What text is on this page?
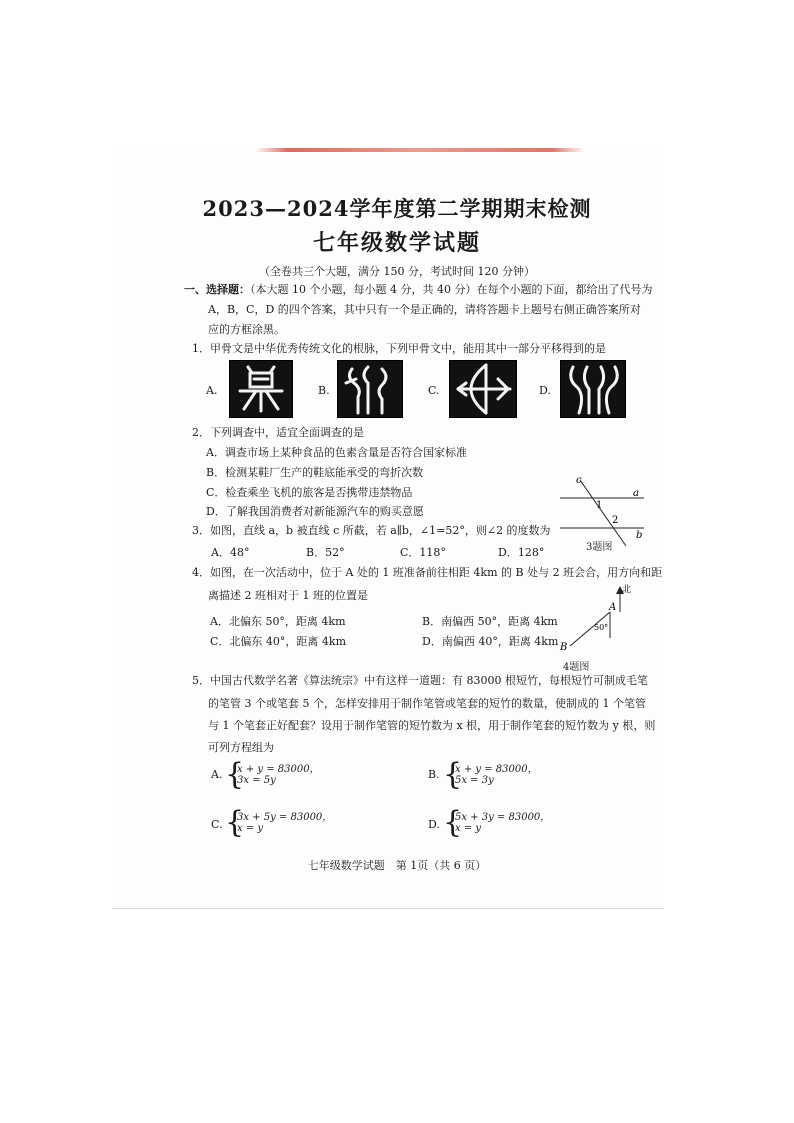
2023—2024学年度第二学期期末检测
七年级数学试题
（全卷共三个大题，满分 150 分，考试时间 120 分钟）
一、选择题：（本大题 10 个小题，每小题 4 分，共 40 分）在每个小题的下面，都给出了代号为
A，B，C，D 的四个答案，其中只有一个是正确的，请将答题卡上题号右侧正确答案所对
应的方框涂黑。
1．甲骨文是中华优秀传统文化的根脉，下列甲骨文中，能用其中一部分平移得到的是
A.	B.	C.	D.
2．下列调查中，适宜全面调查的是
A．调查市场上某种食品的色素含量是否符合国家标准
B．检测某鞋厂生产的鞋底能承受的弯折次数
C．检查乘坐飞机的旅客是否携带违禁物品
D．了解我国消费者对新能源汽车的购买意愿
c
a
b
1
2
3题图
3．如图，直线 a，b 被直线 c 所截，若 a∥b，∠1=52°，则∠2 的度数为
A．48°	B．52°	C．118°	D．128°
4．如图，在一次活动中，位于 A 处的 1 班准备前往相距 4km 的 B 处与 2 班会合，用方向和距
离描述 2 班相对于 1 班的位置是
A．北偏东 50°，距离 4km	B．南偏西 50°，距离 4km
C．北偏东 40°，距离 4km	D．南偏西 40°，距离 4km
北
A
B
50°
4题图
5．中国古代数学名著《算法统宗》中有这样一道题：有 83000 根短竹，每根短竹可制成毛笔
的笔管 3 个或笔套 5 个，怎样安排用于制作笔管或笔套的短竹的数量，使制成的 1 个笔管
与 1 个笔套正好配套？设用于制作笔管的短竹数为 x 根，用于制作笔套的短竹数为 y 根，则
可列方程组为
A. {
x + y = 83000，
3x = 5y	B. {
x + y = 83000，
5x = 3y
C. {
3x + 5y = 83000，
x = y	D. {
5x + 3y = 83000，
x = y
七年级数学试题　第 1页（共 6 页）
